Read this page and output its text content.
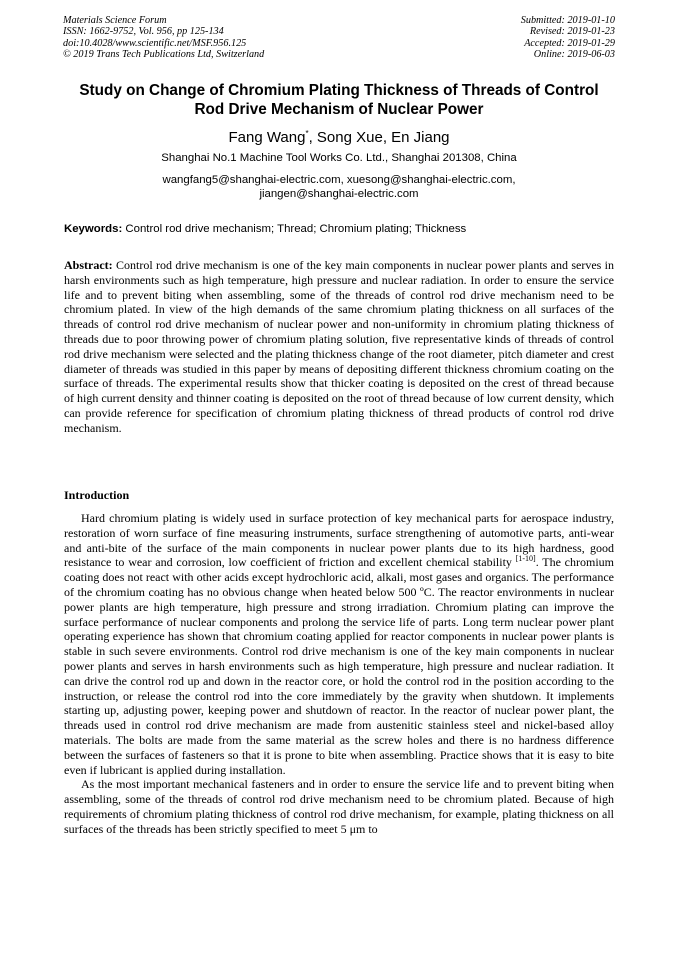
Materials Science Forum
ISSN: 1662-9752, Vol. 956, pp 125-134
doi:10.4028/www.scientific.net/MSF.956.125
© 2019 Trans Tech Publications Ltd, Switzerland
Submitted: 2019-01-10
Revised: 2019-01-23
Accepted: 2019-01-29
Online: 2019-06-03
Study on Change of Chromium Plating Thickness of Threads of Control
Rod Drive Mechanism of Nuclear Power
Fang Wang*, Song Xue, En Jiang
Shanghai No.1 Machine Tool Works Co. Ltd., Shanghai 201308, China
wangfang5@shanghai-electric.com, xuesong@shanghai-electric.com,
jiangen@shanghai-electric.com
Keywords: Control rod drive mechanism; Thread; Chromium plating; Thickness
Abstract: Control rod drive mechanism is one of the key main components in nuclear power plants and serves in harsh environments such as high temperature, high pressure and nuclear radiation. In order to ensure the service life and to prevent biting when assembling, some of the threads of control rod drive mechanism need to be chromium plated. In view of the high demands of the same chromium plating thickness on all surfaces of the threads of control rod drive mechanism of nuclear power and non-uniformity in chromium plating thickness of threads due to poor throwing power of chromium plating solution, five representative kinds of threads of control rod drive mechanism were selected and the plating thickness change of the root diameter, pitch diameter and crest diameter of threads was studied in this paper by means of depositing different thickness chromium coating on the surface of threads. The experimental results show that thicker coating is deposited on the crest of thread because of high current density and thinner coating is deposited on the root of thread because of low current density, which can provide reference for specification of chromium plating thickness of thread products of control rod drive mechanism.
Introduction

Hard chromium plating is widely used in surface protection of key mechanical parts for aerospace industry, restoration of worn surface of fine measuring instruments, surface strengthening of automotive parts, anti-wear and anti-bite of the surface of the main components in nuclear power plants due to its high hardness, good resistance to wear and corrosion, low coefficient of friction and excellent chemical stability [1-10]. The chromium coating does not react with other acids except hydrochloric acid, alkali, most gases and organics. The performance of the chromium coating has no obvious change when heated below 500 ºC. The reactor environments in nuclear power plants are high temperature, high pressure and strong irradiation. Chromium plating can improve the surface performance of nuclear components and prolong the service life of parts. Long term nuclear power plant operating experience has shown that chromium coating applied for reactor components in nuclear power plants is stable in such severe environments. Control rod drive mechanism is one of the key main components in nuclear power plants and serves in harsh environments such as high temperature, high pressure and nuclear radiation. It can drive the control rod up and down in the reactor core, or hold the control rod in the position according to the instruction, or release the control rod into the core immediately by the gravity when shutdown. It implements starting up, adjusting power, keeping power and shutdown of reactor. In the reactor of nuclear power plant, the threads used in control rod drive mechanism are made from austenitic stainless steel and nickel-based alloy materials. The bolts are made from the same material as the screw holes and there is no hardness difference between the surfaces of fasteners so that it is prone to bite when assembling. Practice shows that it is easy to bite even if lubricant is applied during installation.

As the most important mechanical fasteners and in order to ensure the service life and to prevent biting when assembling, some of the threads of control rod drive mechanism need to be chromium plated. Because of high requirements of chromium plating thickness of control rod drive mechanism, for example, plating thickness on all surfaces of the threads has been strictly specified to meet 5 μm to
